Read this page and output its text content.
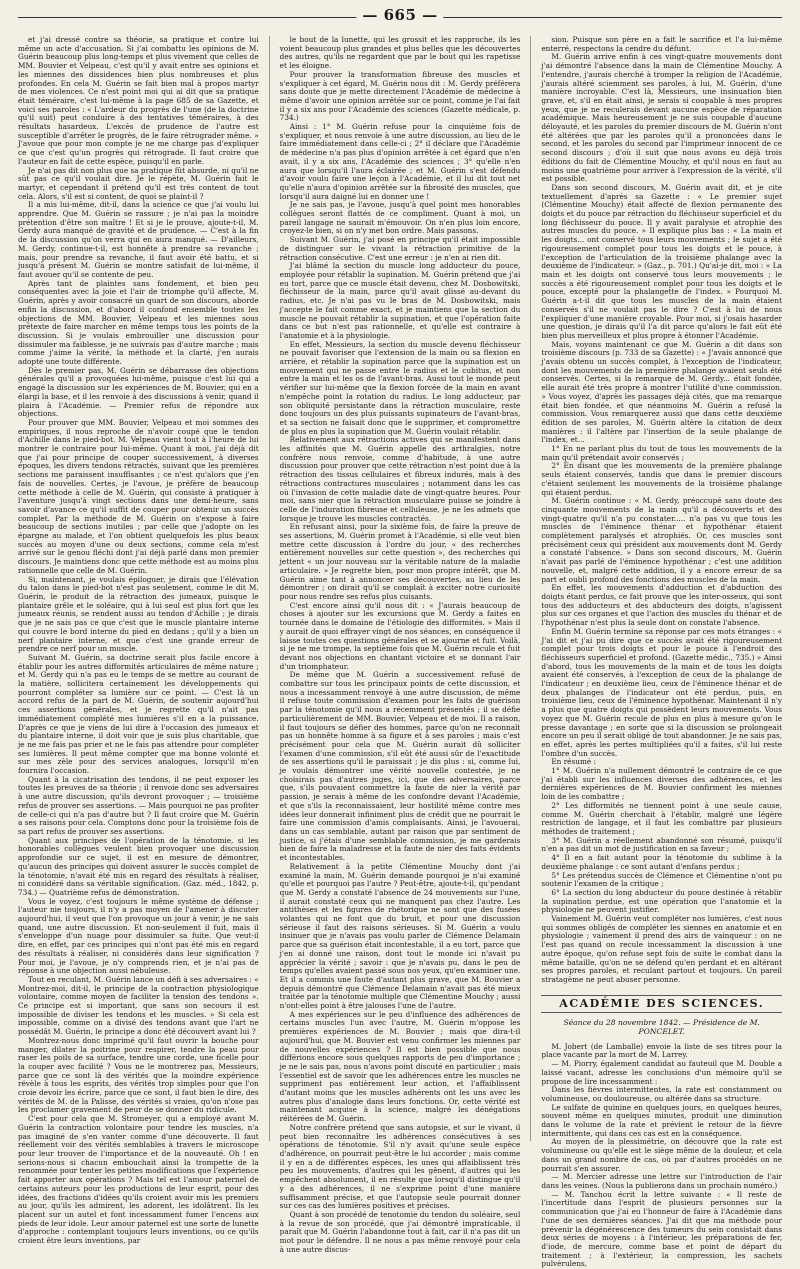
— 665 —

et j'ai dressé contre sa théorie, sa pratique et contre lui même un acte d'accusation. Si j'ai combattu les opinions de M. Guérin beaucoup plus long-temps et plus vivement que celles de MM. Bouvier et Velpeau, c'est qu'il y avait entre ses opinions et les miennes des dissidences bien plus nombreuses et plus profondes. En cela M. Guérin se fait bien mal à propos martyr de mes violences. Ce n'est point moi qui ai dit que sa pratique était téméraire, c'est lui-même à la page 685 de sa Gazette, et voici ses paroles : « L'ardeur du progrès de l'une (de la doctrine qu'il suit) peut conduire à des tentatives téméraires, à des résultats hasardeux. L'excès de prudence de l'autre est susceptible d'arrêter le progrès, de le faire rétrograder même. » J'avoue que pour mon compte je ne me charge pas d'expliquer ce que c'est qu'un progrès qui rétrograde. Il faut croire que l'auteur en fait de cette espèce, puisqu'il en parle.

Je n'ai pas dit non plus que sa pratique fût absurde, ni qu'il ne sût pas ce qu'il voulait dire. Je le répète, M. Guérin fait le martyr, et cependant il prétend qu'il est très content de tout cela. Alors, s'il est si content, de quoi se plaint-il ?

Il a mis lui-même, dit-il, dans la science ce que j'ai voulu lui apprendre. Que M. Guérin se rassure ; je n'ai pas la moindre prétention d'être son maître ! Et si je le prouve, ajoute-t-il, M. Gerdy aura manqué de gravité et de prudence. — C'est à la fin de la discussion qu'on verra qui en aura manqué. — D'ailleurs, M. Gerdy, continue-t-il, est honnête à prendre sa revanche ; mais, pour prendre sa revanche, il faut avoir été battu, et si jusqu'à présent M. Guérin se montre satisfait de lui-même, il faut avouer qu'il se contente de peu.

Après tant de plaintes sans fondement, et bien peu conséquentes avec la joie et l'air de triomphe qu'il affecte, M. Guérin, après y avoir consacré un quart de son discours, aborde enfin la discussion, et d'abord il confond ensemble toutes les objections de MM. Bouvier, Velpeau et les miennes sous prétexte de faire marcher en même temps tous les points de la discussion. Si je voulais embrouiller une discussion pour dissimuler ma faiblesse, je ne suivrais pas d'autre marche ; mais comme j'aime la vérité, la méthode et la clarté, j'en aurais adopté une toute différente.

Dès le premier pas, M. Guérin se débarrasse des objections générales qu'il a provoquées lui-même, puisque c'est lui qui a engagé la discussion sur les expériences de M. Bouvier, qui en a élargi la base, et il les renvoie à des discussions à venir, quand il plaira à l'Académie. — Premier refus de répondre aux objections.

Pour prouver que MM. Bouvier, Velpeau et moi sommes des empiriques, il nous reproche de n'avoir coupé que le tendon d'Achille dans le pied-bot. M. Velpeau vient tout à l'heure de lui montrer le contraire pour lui-même. Quant à moi, j'ai déjà dit que j'ai pour principe de couper successivement, à diverses époques, les divers tendons rétractés, suivant que les premières sections me paraissent insuffisantes ; ce n'est qu'alors que j'en fais de nouvelles. Certes, je l'avoue, je préfère de beaucoup cette méthode à celle de M. Guérin, qui consiste à pratiquer à l'aventure jusqu'à vingt sections dans une demi-heure, sans savoir d'avance ce qu'il suffit de couper pour obtenir un succès complet. Par la méthode de M. Guérin on s'expose à faire beaucoup de sections inutiles ; par celle que j'adopte on les épargne au malade, et l'on obtient quelquefois les plus beaux succès au moyen d'une ou deux sections, comme cela m'est arrivé sur le genou fléchi dont j'ai déjà parlé dans mon premier discours. Je maintiens donc que cette méthode est au moins plus rationnelle que celle de M. Guérin.

Si, maintenant, je voulais épiloguer, je dirais que l'élévation du talon dans le pied-bot n'est pas seulement, comme le dit M. Guérin, le produit de la rétraction des jumeaux, puisque le plantaire grêle et le soléaire, qui à lui seul est plus fort que les jumeaux réunis, se rendent aussi au tendon d'Achille ; je dirais que je ne sais pas ce que c'est que le muscle plantaire interne qui couvre le bord interne du pied en dedans ; qu'il y a bien un nerf plantaire interne, et que c'est une grande erreur de prendre ce nerf pour un muscle.

Suivant M. Guérin, sa doctrine serait plus facile encore à établir pour les autres difformités articulaires de même nature ; et M. Gerdy qui n'a pas eu le temps de se mettre au courant de la matière, sollicitera certainement les développements qui pourront compléter sa lumière sur ce point. — C'est là un accord refus de la part de M. Guérin, de soutenir aujourd'hui ces assertions générales, et je regrette qu'il n'ait pas immédiatement complété mes lumières s'il en a la puissance. D'après ce que je viens de lui dire à l'occasion des jumeaux et du plantaire interne, il doit voir que je suis plus charitable, que je ne me fais pas prier et ne le fais pas attendre pour compléter ses lumières. Il peut même compter que ma bonne volonté et sur mes zèle pour des services analogues, lorsqu'il m'en fournira l'occasion.

Quant à la cicatrisation des tendons, il ne peut exposer les toutes les preuves de sa théorie ; il renvoie donc ses adversaires à une autre discussion, qu'ils devront provoquer ; — troisième refus de prouver ses assertions. — Mais pourquoi ne pas profiter de celle-ci qui n'a pas d'autre but ? Il faut croire que M. Guérin a ses raisons pour cela. Comptons donc pour la troisième fois de sa part refus de prouver ses assertions.

Quant aux principes de l'opération de la ténotomie, si les honorables collègues veulent bien provoquer une discussion approfondie sur ce sujet, il est en mesure de démontrer, qu'aucun des principes qui doivent assurer le succès complet de la ténotomie, n'avait été mis en regard des résultats à réaliser, ni considéré dans sa véritable signification. (Gaz. méd., 1842, p. 734.) — Quatrième refus de démonstration.

Vous le voyez, c'est toujours le même système de défense ; l'auteur nie toujours, il n'y a pas moyen de l'amener à discuter aujourd'hui, il veut que l'on provoque un jour à venir, je ne sais quand, une autre discussion. Et non-seulement il fuit, mais il s'enveloppe d'un nuage pour dissimuler sa fuite. Que veut-il dire, en effet, par ces principes qui n'ont pas été mis en regard des résultats à réaliser, ni considérés dans leur signification ? Pour moi, je l'avoue, je n'y comprends rien, et je n'ai pas de réponse à une objection aussi nébuleuse.

Tout en reculant, M. Guérin lance un défi à ses adversaires : « Montrez-moi, dit-il, le principe de la contraction physiologique volontaire, comme moyen de faciliter la tension des tendons ». Ce principe est si important, que sans son secours il est impossible de diviser les tendons et les muscles. » Si cela est impossible, comme on a divisé des tendons avant que l'art ne possédât M. Guérin, le principe a donc été découvert avant lui ?

Montrez-nous donc imprimé qu'il faut ouvrir la bouche pour manger, dilater la poitrine pour respirer, tendre la peau pour raser les poils de sa surface, tendre une corde, une ficelle pour la couper avec facilité ? Vous ne le montrerez pas, Messieurs, parce que ce sont là des vérités que la moindre expérience révèle à tous les esprits, des vérités trop simples pour que l'on croie devoir les écrire, parce que ce sont, il faut bien le dire, des vérités de M. de la Palisse, des vérités si vraies, qu'on n'ose pas les proclamer gravement de peur de se donner du ridicule.

C'est pour cela que M. Stromeyer, qui a employé avant M. Guérin la contraction volontaire pour tendre les muscles, n'a pas imaginé de s'en vanter comme d'une découverte. Il faut réellement voir des vérités semblables à travers le microscope pour leur trouver de l'importance et de la nouveauté. Oh ! en serions-nous si chacun embouchait ainsi la trompette de la renommée pour tenter les petites modifications que l'expérience fait apporter aux opérations ? Mais tel est l'amour paternel de certains auteurs pour les productions de leur esprit, pour des idées, des fractions d'idées qu'ils croient avoir mis les premiers au jour, qu'ils les admirent, les adorent, les idolâtrent. Ils les placent sur un autel et font incessamment fumer l'encens aux pieds de leur idole. Leur amour paternel est une sorte de lunette d'approche : contemplant toujours leurs inventions, ou ce qu'ils croient être leurs inventions, par

le bout de la lunette, qui les grossit et les rapproche, ils les voient beaucoup plus grandes et plus belles que les découvertes des autres, qu'ils ne regardent que par le bout qui les rapetisse et les éloigne.

Pour prouver la transformation fibreuse des muscles et s'expliquer à cet égard, M. Guérin nous dit : M. Gerdy préférera sans doute que je mette directement l'Académie de médecine à même d'avoir une opinion arrêtée sur ce point, comme je l'ai fait il y a six ans pour l'Académie des sciences (Gazette médicale, p. 734.)

Ainsi : 1° M. Guérin refuse pour la cinquième fois de s'expliquer, et nous renvoie à une autre discussion, au lieu de le faire immédiatement dans celle-ci ; 2° il déclare que l'Académie de médecine n'a pas plus d'opinion arrêtée à cet égard que n'en avait, il y a six ans, l'Académie des sciences ; 3° qu'elle n'en aura que lorsqu'il l'aura éclairée ; et M. Guérin s'est défendu d'avoir voulu faire une leçon à l'Académie, et il lui dit tout net qu'elle n'aura d'opinion arrêtée sur la fibrosité des muscles, que lorsqu'il aura daigné lui en donner une !

Je ne sais pas, je l'avoue, jusqu'à quel point mes honorables collègues seront flattés de ce compliment. Quant à moi, un pareil langage ne saurait m'émouvoir. On n'en plus loin encore, croyez-le bien, si on n'y met bon ordre. Mais passons.

Suivant M. Guérin, j'ai posé en principe qu'il était impossible de distinguer sur le vivant la rétraction primitive de la rétraction consécutive. C'est une erreur : je n'en ai rien dit.

J'ai blâmé la section du muscle long adducteur du pouce, employée pour rétablir la supination. M. Guérin prétend que j'ai eu tort, parce que ce muscle était devenu, chez M. Dosbowitski, fléchisseur de la main, parce qu'il avait glissé au-devant du radius, etc. Je n'ai pas vu le bras de M. Dosbowitski, mais j'accepte le fait comme exact, et je maintiens que la section du muscle ne pouvait rétablir la supination, et que l'opération faite dans ce but n'est pas rationnelle, et qu'elle est contraire à l'anatomie et à la physiologie.

En effet, Messieurs, la section du muscle devenu fléchisseur ne pouvait favoriser que l'extension de la main ou sa flexion en arrière, et rétablir la supination parce que la supination est un mouvement qui ne passe entre le radius et le cubitus, et non entre la main et les os de l'avant-bras. Aussi tout le monde peut vérifier sur lui-même que la flexion forcée de la main en avant n'empêche point la rotation du radius. Le long adducteur, par son obliquité persistante dans la rétraction musculaire, reste donc toujours un des plus puissants supinateurs de l'avant-bras, et sa section ne faisait donc que le supprimer, et compromettre de plus en plus la supination que M. Guérin voulait rétablir.

Relativement aux rétractions actives qui se manifestent dans les affinités que M. Guérin appelle des arthralgies, notre confrère nous renvoie, comme d'habitude, à une autre discussion pour prouver que cette rétraction n'est point due à la rétraction des tissus cellulaires et fibreux indurés, mais à des rétractions contractures musculaires ; notamment dans les cas où l'invasion de cette maladie date de vingt-quatre heures. Pour moi, sans nier que la rétraction musculaire puisse se joindre à celle de l'induration fibreuse et celluleuse, je ne les admets que lorsque je trouve les muscles contractés.

En refusant ainsi, pour la sixième fois, de faire la preuve de ses assertions, M. Guérin promet à l'Académie, si elle veut bien mettre cette discussion à l'ordre du jour, « des recherches entièrement nouvelles sur cette question », des recherches qui jettent « un jour nouveau sur la véritable nature de la maladie articulaire. » Je regrette bien, pour mon propre intérêt, que M. Guérin aime tant à annoncer ses découvertes, au lieu de les démontrer ; on dirait qu'il se complaît à exciter notre curiosité pour nous rendre ses refus plus cuisants.

C'est encore ainsi qu'il nous dit : « J'aurais beaucoup de choses à ajouter sur les excursions que M. Gerdy a faites en tournée dans le domaine de l'étiologie des difformités. » Mais il y aurait de quoi effrayer vingt de nos séances, en conséquence il laisse toutes ces questions générales et se ajourne et fuit. Voilà, si je ne me trompe, la septième fois que M. Guérin recule et fuit devant nos objections en chantant victoire et se donnant l'air d'un triomphateur.

De même que M. Guérin a successivement refusé de combattre sur tous les principaux points de cette discussion, et nous a incessamment renvoyé à une autre discussion, de même il refuse toute commission d'examen pour les faits de guérison par la ténotomie qu'il nous a récemment présentés ; il se défie particulièrement de MM. Bouvier, Velpeau et de moi. Il a raison, il faut toujours se défier des hommes, parce qu'on ne reconnaît pas un honnête homme à sa figure et à ses paroles ; mais c'est précisément pour cela que M. Guérin aurait dû solliciter l'examen d'une commission, s'il eût été aussi sûr de l'exactitude de ses assertions qu'il le paraissait ; je dis plus : si, comme lui, je voulais démontrer une vérité nouvelle contestée, je ne choisirais pas d'autres juges, ici, que des adversaires, parce que, s'ils pouvaient commettre la faute de nier la vérité par passion, je serais à même de les confondre devant l'Académie, et que s'ils la reconnaissaient, leur hostilité même contre mes idées leur donnerait infiniment plus de crédit que ne pourrait le faire une commission d'amis complaisants. Ainsi, je l'avouerai, dans un cas semblable, autant par raison que par sentiment de justice, si j'étais d'une semblable commission, je me garderais bien de faire la maladresse et la faute de nier des faits évidents et incontestables.

Relativement à la petite Clémentine Mouchy dont j'ai examiné la main, M. Guérin demande pourquoi je n'ai examiné qu'elle et pourquoi pas l'autre ? Peut-être, ajoute-t-il, qu'pendant que M. Gerdy a constaté l'absence de 24 mouvements sur l'une, il aurait constaté ceux qui ne manquent pas chez l'autre. Les antithèses et les figures de rhétorique ne sont que des fusées volantes qui ne font que du bruit, et pour une discussion sérieuse il faut des raisons sérieuses. Si M. Guérin a voulu insinuer que je n'avais pas voulu parler de Clémence Delamain parce que sa guérison était incontestable, il a eu tort, parce que j'en ai donné une raison, dont tout le monde ici n'avait pu apprécier la vérité ; savoir : que je n'avais pu, dans le peu de temps qu'elles avaient passé sous nos yeux, qu'en examiner une. Et il a commis une faute d'autant plus grave, que M. Bouvier a depuis démontré que Clémence Delamain n'avait pas été mieux traitée par la ténotomie multiple que Clémentine Mouchy ; aussi n'ont-elles point à être jalouses l'une de l'autre.

A mes expériences sur le peu d'influence des adhérences de certains muscles l'un avec l'autre, M. Guérin m'oppose les premières expériences de M. Bouvier ; mais que dira-t-il aujourd'hui, que M. Bouvier est venu confirmer les miennes par de nouvelles expériences ? Il est bien possible que nous différions encore sous quelques rapports de peu d'importance ; je ne le sais pas, nous n'avons point discuté en particulier ; mais l'essentiel est de savoir que les adhérences entre les muscles ne suppriment pas entièrement leur action, et l'affaiblissent d'autant moins que les muscles adhérents ont les uns avec les autres plus d'analogie dans leurs fonctions. Or, cette vérité est maintenant acquise à la science, malgré les dénégations réitérées de M. Guérin.

Notre confrère prétend que sans autopsie, et sur le vivant, il peut bien reconnaître les adhérences consécutives à ses opérations de ténotomie. S'il n'y avait qu'une seule espèce d'adhérence, on pourrait peut-être le lui accorder ; mais comme il y en a de différentes espèces, les unes qui affaiblissent très peu les mouvements, d'autres qui les gênent, d'autres qui les empêchent absolument, il en résulte que lorsqu'il distingue qu'il y a des adhérences, il ne s'exprime point d'une manière suffisamment précise, et que l'autopsie seule pourrait donner sur ces cas des lumières positives et précises.

Quant à son procédé de tenotomie du tendon du soléaire, seul à la revue de son procédé, que j'ai démontré impraticable, il paraît que M. Guérin l'abandonne tout à fait, car il n'a pas dit un mot pour le défendre. Il ne nous a pas même renvoyé pour cela à une autre discus-

sion. Puisque son père en a fait le sacrifice et l'a lui-même enterré, respectons la cendre du défunt.

M. Guérin arrive enfin à ces vingt-quatre mouvements dont j'ai démontré l'absence dans la main de Clémentine Mouchy. A l'entendre, j'aurais cherché à tromper la religion de l'Académie, j'aurais altéré sciemment ses paroles, à lui, M. Guérin, d'une manière incroyable. C'est là, Messieurs, une insinuation bien grave, et, s'il en était ainsi, je serais si coupable à mes propres yeux, que je ne reculerais devant aucune espèce de réparation académique. Mais heureusement je ne suis coupable d'aucune déloyauté, et les paroles du premier discours de M. Guérin n'ont été altérées que par les paroles qu'il a prononcées dans le second, et les paroles du second par l'imprimeur innocent de ce second discours ; d'où il suit que nous avons eu déjà trois éditions du fait de Clémentine Mouchy, et qu'il nous en faut au moins une quatrième pour arriver à l'expression de la vérité, s'il est possible.

Dans son second discours, M. Guérin avait dit, et je cite textuellement d'après sa Gazette : « Le premier sujet (Clémentine Mouchy) était affecté de flexion permanente des doigts et du pouce par rétraction du fléchisseur superficiel et du long fléchisseur du pouce. Il y avait paralysie et atrophie des autres muscles du pouce. » Il explique plus bas : « La main et les doigts... ont conservé tous leurs mouvements ; le sujet a été rigoureusement complet pour tous les doigts et le pouce, à l'exception de l'articulation de la troisième phalange avec la deuxième de l'indicateur. » (Gaz., p. 701.) Qu'ai-je dit, moi : « La main et les doigts ont conservé tous leurs mouvements ; le succès a été rigoureusement complet pour tous les doigts et le pouce, excepté pour la phalangette de l'index. » Pourquoi M. Guérin a-t-il dit que tous les muscles de la main étaient conservés s'il ne voulait pas le dire ? C'est à lui de nous l'expliquer d'une manière croyable. Pour moi, si j'osais hasarder une question, je dirais qu'il l'a dit parce qu'alors le fait eût été bien plus merveilleux et plus propre à étonner l'Académie.

Mais, voyons maintenant ce que M. Guérin a dit dans son troisième discours (p. 733 de sa Gazette) : « J'avais annoncé que j'avais obtenu un succès complet, à l'exception de l'indicateur, dont les mouvements de la première phalange avaient seuls été conservés. Certes, si la remarque de M. Gerdy... était fondée, elle aurait été très propre à montrer l'utilité d'une commission. » Vous voyez, d'après les passages déjà cités, que ma remarque était bien fondée, et que néanmoins M. Guérin a refusé la commission. Vous remarquerez aussi que dans cette deuxième édition de ses paroles, M. Guérin altère la citation de deux manières : il l'altère par l'insertion de la seule phalange de l'index, et...

1° En ne parlant plus du tout de tous les mouvements de la main qu'il prétendait avoir conservés ;

2° En disant que les mouvements de la première phalange seuls étaient conservés, tandis que dans le premier discours c'étaient seulement les mouvements de la troisième phalange qui étaient perdus.

M. Guérin continue : « M. Gerdy, préoccupé sans doute des cinquante mouvements de la main qu'il a découverts et des vingt-quatre qu'il n'a pu constater..... n'a pas vu que tous les muscles de l'éminence thénar et hypothénar étaient complètement paralysés et atrophiés. Or, ces muscles sont précisément ceux qui président aux mouvements dont M. Gerdy a constaté l'absence. » Dans son second discours, M. Guérin n'avait pas parlé de l'éminence hypothénar ; c'est une addition nouvelle, et, malgré cette addition, il y a encore erreur de sa part et oubli profond des fonctions des muscles de la main.

En effet, les mouvements d'adduction et d'abduction des doigts étant perdus, ce fait prouve que les inter-osseux, qui sont tous des adducteurs et des abducteurs des doigts, n'agissent plus sur ces organes et que l'action des muscles du thénar et de l'hypothénar n'est plus la seule dont on constate l'absence.

Enfin M. Guérin termine sa réponse par ces mots étranges : « J'ai dit et j'ai pu dire que ce succès avait été rigoureusement complet pour trois doigts et pour le pouce à l'endroit des fléchisseurs superficiel et profond. (Gazette médic., 735.) » Ainsi d'abord, tous les mouvements de la main et de tous les doigts avaient été conservés, à l'exception de ceux de la phalange de l'indicateur ; en deuxième lieu, ceux de l'éminence thénar et de deux phalanges de l'indicateur ont été perdus, puis, en troisième lieu, ceux de l'éminence hypothénar. Maintenant il n'y a plus que quatre doigts qui possèdent leurs mouvements. Vous voyez que M. Guérin recule de plus en plus à mesure qu'on le presse davantage ; en sorte que si la discussion se prolongeait encore un peu il serait obligé de tout abandonner. Je ne sais pas, en effet, après les pertes multipliées qu'il a faites, s'il lui reste l'ombre d'un succès.

En résumé :

1° M. Guérin n'a nullement démontré le contraire de ce que j'ai établi sur les influences diverses des adhérences, et les dernières expériences de M. Bouvier confirment les miennes loin de les combattre ;

2° Les difformités ne tiennent point à une seule cause, comme M. Guérin cherchait à l'établir, malgré une légère restriction de langage, et il faut les combattre par plusieurs méthodes de traitement ;

3° M. Guérin a réellement abandonné son résumé, puisqu'il n'en a pas dit un mot de justification en sa faveur ;

4° Il en a fait autant pour la ténotomie du sublime à la deuxième phalange : ce sont autant d'enfans perdus ;

5° Les prétendus succès de Clémence et Clémentine n'ont pu soutenir l'examen de la critique ;

6° La section du long abducteur du pouce destinée à rétablir la supination perdue, est une opération que l'anatomie et la physiologie ne peuvent justifier.

Vainement M. Guérin veut compléter nos lumières, c'est nous qui sommes obligés de compléter les siennes en anatomie et en physiologie ; vainement il prend des airs de vainqueur : on ne l'est pas quand on recule incessamment la discussion à une autre époque, qu'on refuse sept fois de suite le combat dans la même bataille, qu'on ne se défend qu'en perdant et en altérant ses propres paroles, et reculant partout et toujours. Un pareil stratagème ne peut abuser personne.

ACADÉMIE DES SCIENCES.
Séance du 28 novembre 1842. — Présidence de M. PONCELET.

M. Jobert (de Lamballe) envoie la liste de ses titres pour la place vacante par la mort de M. Larrey.

— M. Piorry, également candidat au fauteuil que M. Double a laissé vacant, adresse les conclusions d'un mémoire qu'il se propose de lire incessamment :

Dans les fièvres intermittentes, la rate est constamment ou volumineuse, ou douloureuse, ou altérée dans sa structure.

Le sulfate de quinine en quelques jours, en quelques heures, souvent même en quelques minutes, produit une diminution dans le volume de la rate et prévient le retour de la fièvre intermittente, qui dans ces cas est en la conséquence.

Au moyen de la plessimétrie, on découvre que la rate est volumineuse ou qu'elle est le siège même de la douleur, et cela dans un grand nombre de cas, où par d'autres procédés on ne pourrait s'en assurer.

— M. Mercier adresse une lettre sur l'introduction de l'air dans les veines. (Nous la publierons dans un prochain numéro.)

— M. Tanchou écrit la lettre suivante : « Il reste de l'incertitude dans l'esprit de plusieurs personnes sur la communication que j'ai eu l'honneur de faire à l'Académie dans l'une de ses dernières séances. J'ai dit que ma méthode pour prévenir la dégénérescence des tumeurs du sein consistait dans deux séries de moyens : à l'intérieur, les préparations de fer, d'iode, de mercure, comme base et point de départ du traitement ; à l'extérieur, la compression, les sachets pulvérulens,
